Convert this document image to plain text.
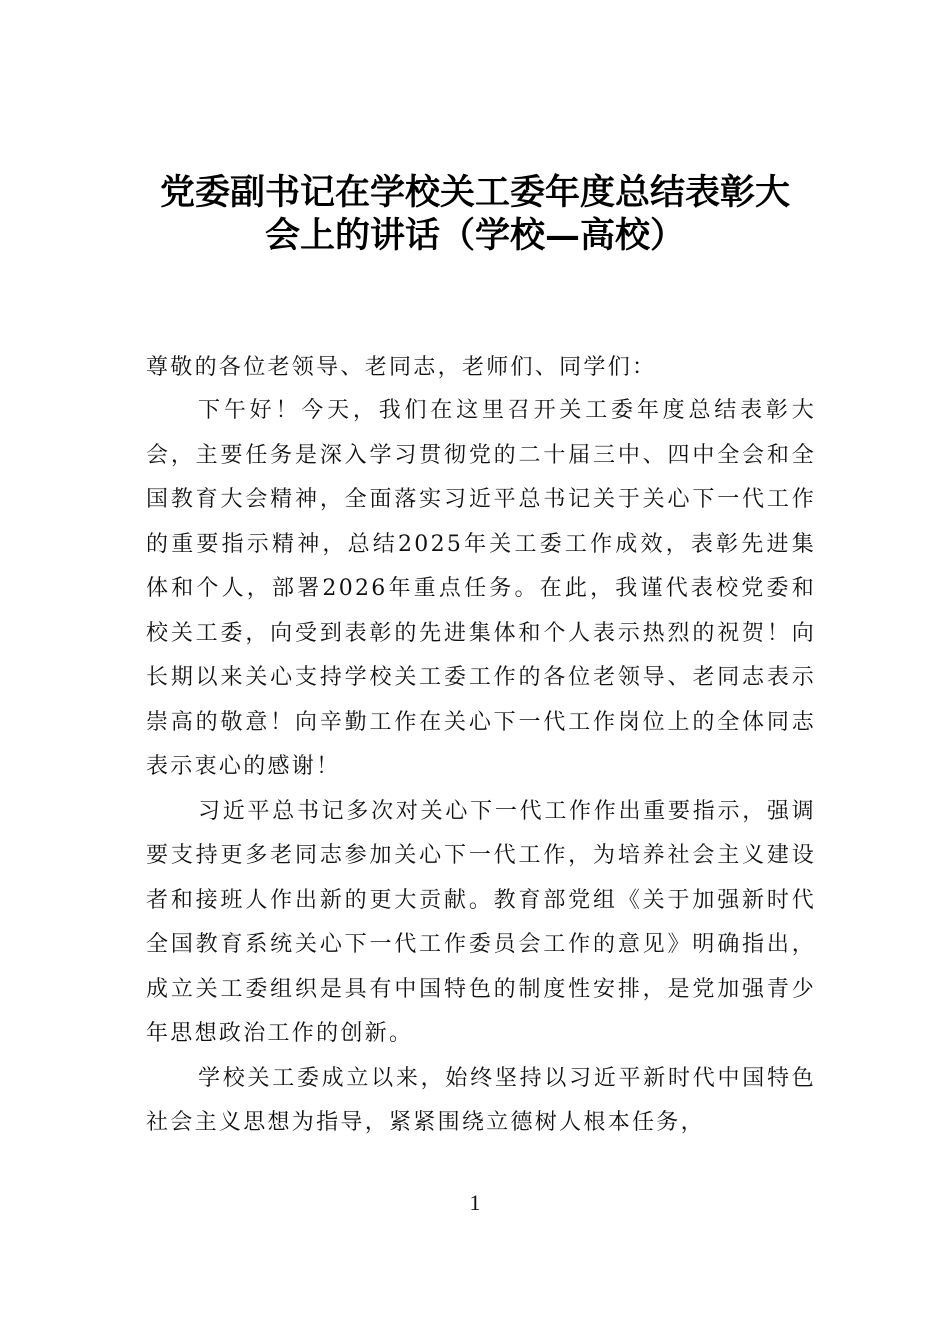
党委副书记在学校关工委年度总结表彰大
会上的讲话（学校—高校）
尊敬的各位老领导、老同志，老师们、同学们：

下午好！今天，我们在这里召开关工委年度总结表彰大会，主要任务是深入学习贯彻党的二十届三中、四中全会和全国教育大会精神，全面落实习近平总书记关于关心下一代工作的重要指示精神，总结2025年关工委工作成效，表彰先进集体和个人，部署2026年重点任务。在此，我谨代表校党委和校关工委，向受到表彰的先进集体和个人表示热烈的祝贺！向长期以来关心支持学校关工委工作的各位老领导、老同志表示崇高的敬意！向辛勤工作在关心下一代工作岗位上的全体同志表示衷心的感谢！

习近平总书记多次对关心下一代工作作出重要指示，强调要支持更多老同志参加关心下一代工作，为培养社会主义建设者和接班人作出新的更大贡献。教育部党组《关于加强新时代全国教育系统关心下一代工作委员会工作的意见》明确指出，成立关工委组织是具有中国特色的制度性安排，是党加强青少年思想政治工作的创新。

学校关工委成立以来，始终坚持以习近平新时代中国特色社会主义思想为指导，紧紧围绕立德树人根本任务，

1
